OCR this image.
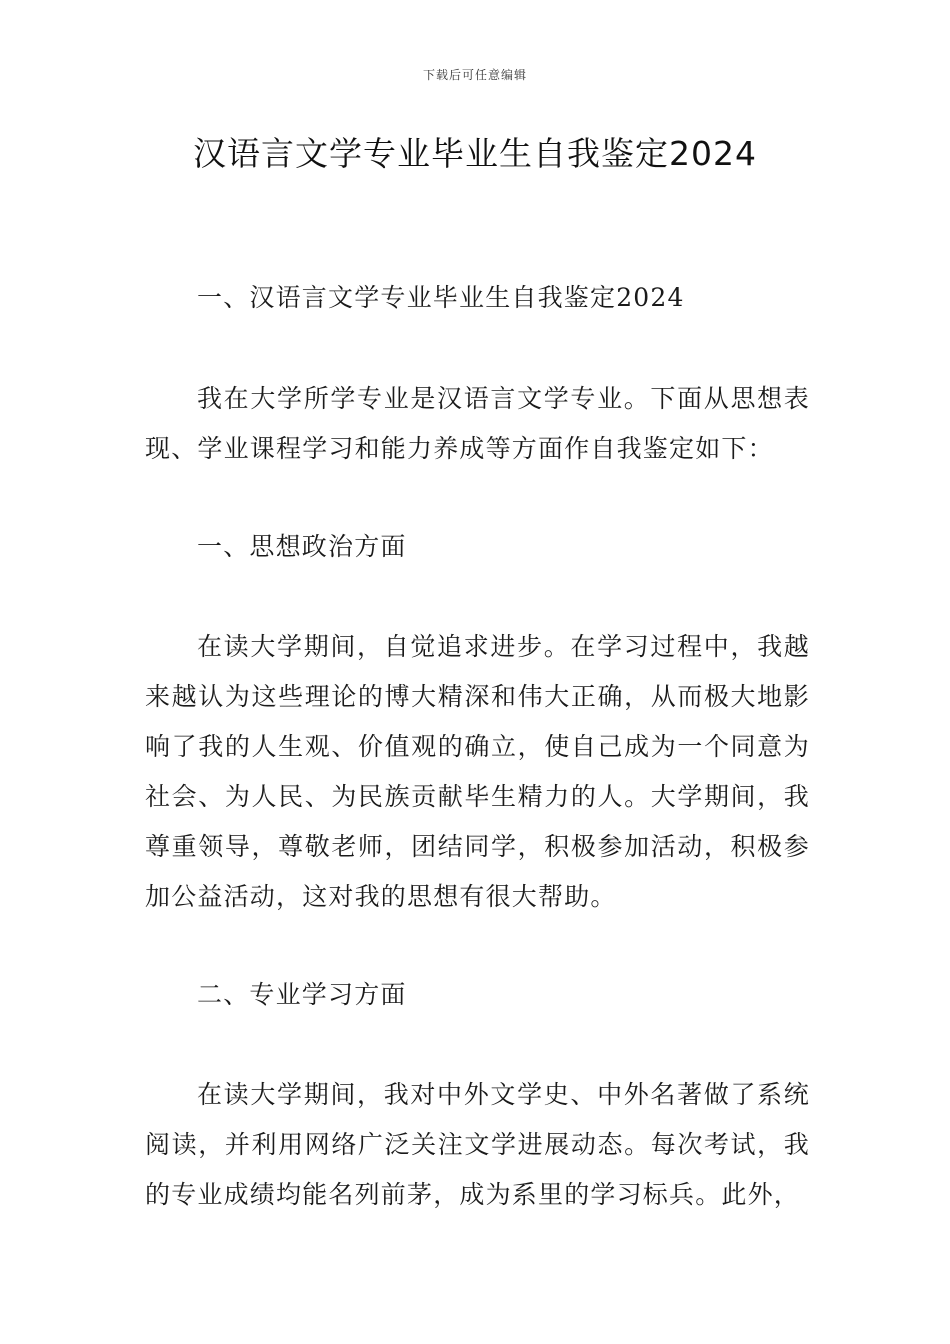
下载后可任意编辑
汉语言文学专业毕业生自我鉴定2024
一、汉语言文学专业毕业生自我鉴定2024

我在大学所学专业是汉语言文学专业。下面从思想表现、学业课程学习和能力养成等方面作自我鉴定如下：

一、思想政治方面

在读大学期间，自觉追求进步。在学习过程中，我越来越认为这些理论的博大精深和伟大正确，从而极大地影响了我的人生观、价值观的确立，使自己成为一个同意为社会、为人民、为民族贡献毕生精力的人。大学期间，我尊重领导，尊敬老师，团结同学，积极参加活动，积极参加公益活动，这对我的思想有很大帮助。

二、专业学习方面

在读大学期间，我对中外文学史、中外名著做了系统阅读，并利用网络广泛关注文学进展动态。每次考试，我的专业成绩均能名列前茅，成为系里的学习标兵。此外，
